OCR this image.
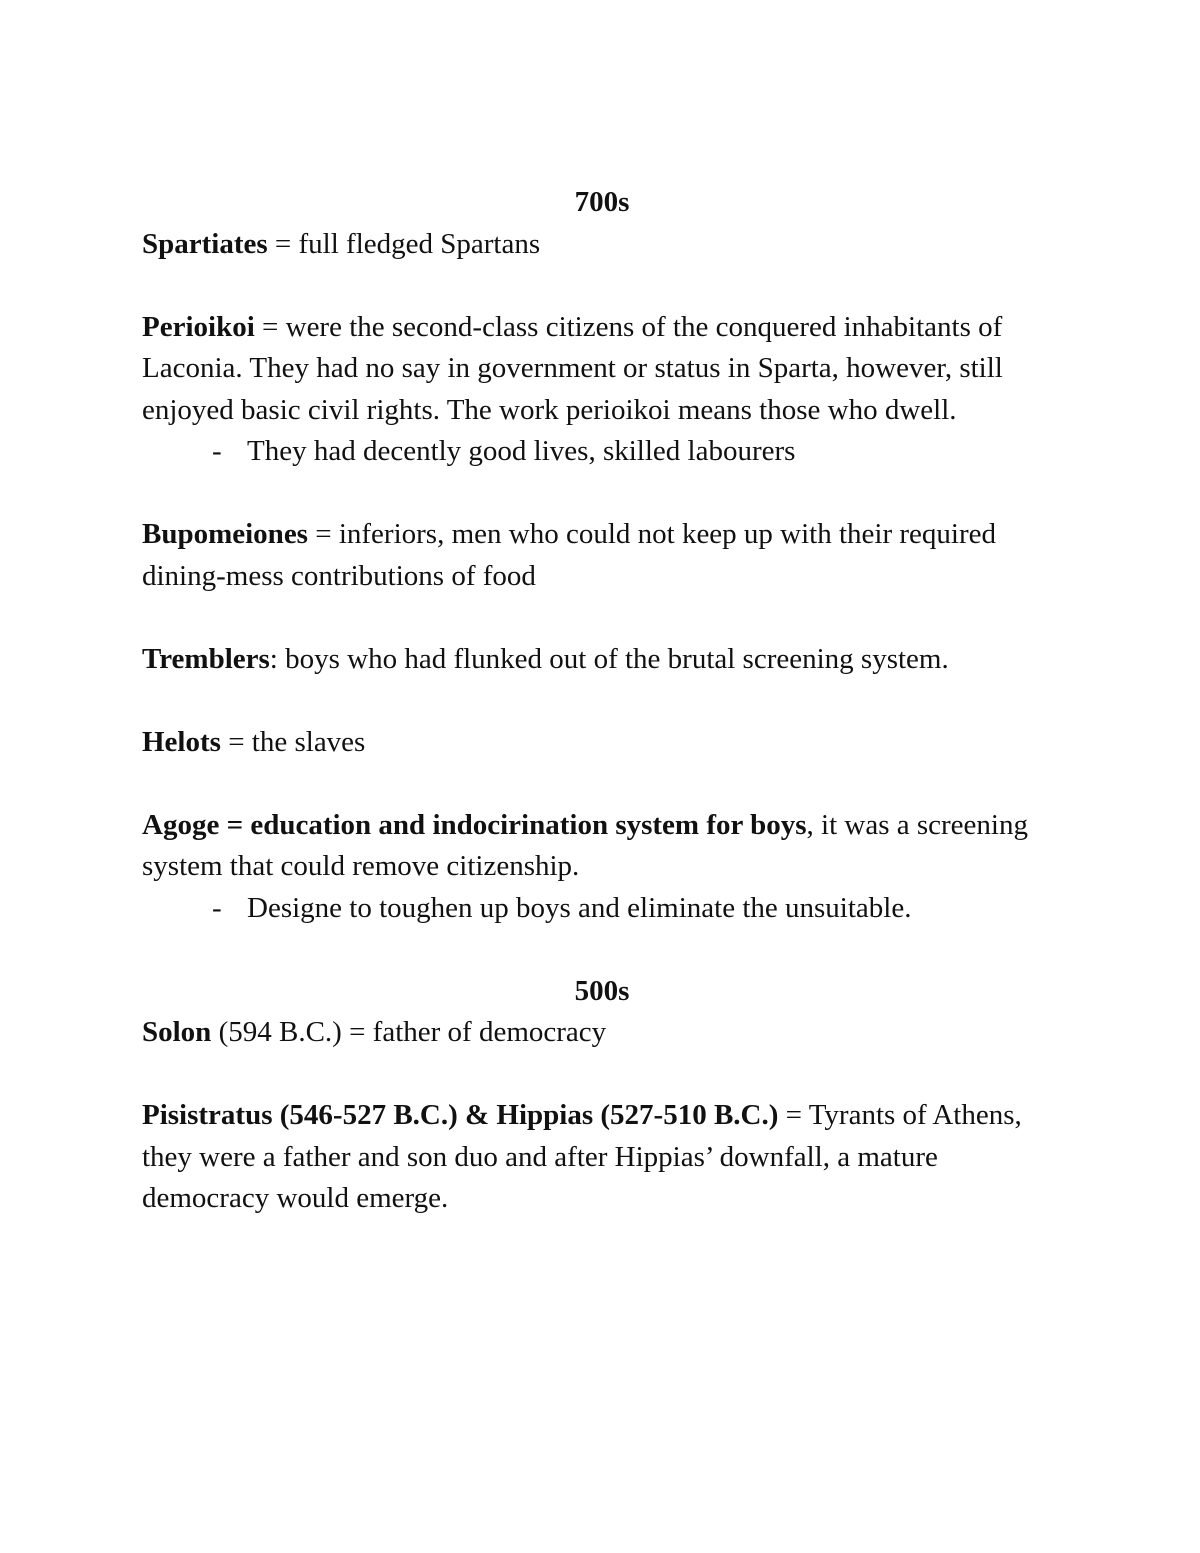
700s

Spartiates = full fledged Spartans

Perioikoi = were the second-class citizens of the conquered inhabitants of Laconia. They had no say in government or status in Sparta, however, still enjoyed basic civil rights. The work perioikoi means those who dwell.

- They had decently good lives, skilled labourers

Bupomeiones = inferiors, men who could not keep up with their required dining-mess contributions of food

Tremblers: boys who had flunked out of the brutal screening system.

Helots = the slaves

Agoge = education and indocirination system for boys, it was a screening system that could remove citizenship.

- Designe to toughen up boys and eliminate the unsuitable.

500s

Solon (594 B.C.) = father of democracy

Pisistratus (546-527 B.C.) & Hippias (527-510 B.C.) = Tyrants of Athens, they were a father and son duo and after Hippias’ downfall, a mature democracy would emerge.
